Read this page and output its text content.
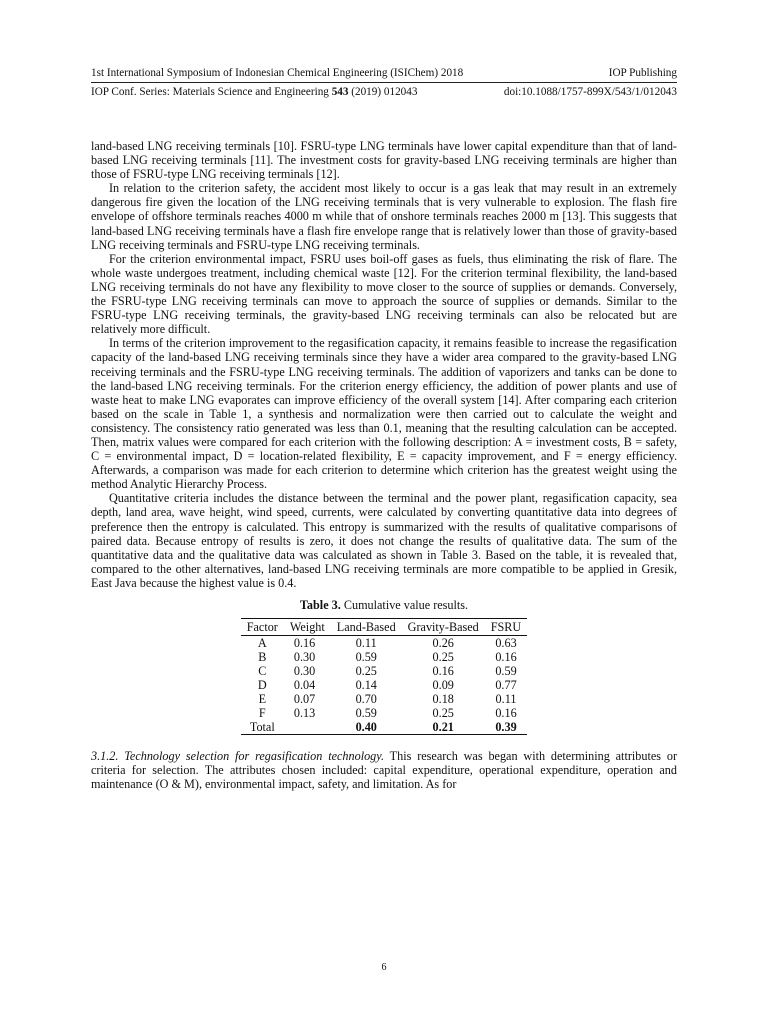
1st International Symposium of Indonesian Chemical Engineering (ISIChem) 2018	IOP Publishing
IOP Conf. Series: Materials Science and Engineering 543 (2019) 012043	doi:10.1088/1757-899X/543/1/012043

land-based LNG receiving terminals [10]. FSRU-type LNG terminals have lower capital expenditure than that of land-based LNG receiving terminals [11]. The investment costs for gravity-based LNG receiving terminals are higher than those of FSRU-type LNG receiving terminals [12].

In relation to the criterion safety, the accident most likely to occur is a gas leak that may result in an extremely dangerous fire given the location of the LNG receiving terminals that is very vulnerable to explosion. The flash fire envelope of offshore terminals reaches 4000 m while that of onshore terminals reaches 2000 m [13]. This suggests that land-based LNG receiving terminals have a flash fire envelope range that is relatively lower than those of gravity-based LNG receiving terminals and FSRU-type LNG receiving terminals.

For the criterion environmental impact, FSRU uses boil-off gases as fuels, thus eliminating the risk of flare. The whole waste undergoes treatment, including chemical waste [12]. For the criterion terminal flexibility, the land-based LNG receiving terminals do not have any flexibility to move closer to the source of supplies or demands. Conversely, the FSRU-type LNG receiving terminals can move to approach the source of supplies or demands. Similar to the FSRU-type LNG receiving terminals, the gravity-based LNG receiving terminals can also be relocated but are relatively more difficult.

In terms of the criterion improvement to the regasification capacity, it remains feasible to increase the regasification capacity of the land-based LNG receiving terminals since they have a wider area compared to the gravity-based LNG receiving terminals and the FSRU-type LNG receiving terminals. The addition of vaporizers and tanks can be done to the land-based LNG receiving terminals. For the criterion energy efficiency, the addition of power plants and use of waste heat to make LNG evaporates can improve efficiency of the overall system [14]. After comparing each criterion based on the scale in Table 1, a synthesis and normalization were then carried out to calculate the weight and consistency. The consistency ratio generated was less than 0.1, meaning that the resulting calculation can be accepted. Then, matrix values were compared for each criterion with the following description: A = investment costs, B = safety, C = environmental impact, D = location-related flexibility, E = capacity improvement, and F = energy efficiency. Afterwards, a comparison was made for each criterion to determine which criterion has the greatest weight using the method Analytic Hierarchy Process.

Quantitative criteria includes the distance between the terminal and the power plant, regasification capacity, sea depth, land area, wave height, wind speed, currents, were calculated by converting quantitative data into degrees of preference then the entropy is calculated. This entropy is summarized with the results of qualitative comparisons of paired data. Because entropy of results is zero, it does not change the results of qualitative data. The sum of the quantitative data and the qualitative data was calculated as shown in Table 3. Based on the table, it is revealed that, compared to the other alternatives, land-based LNG receiving terminals are more compatible to be applied in Gresik, East Java because the highest value is 0.4.

Table 3. Cumulative value results.
Factor	Weight	Land-Based	Gravity-Based	FSRU
A	0.16	0.11	0.26	0.63
B	0.30	0.59	0.25	0.16
C	0.30	0.25	0.16	0.59
D	0.04	0.14	0.09	0.77
E	0.07	0.70	0.18	0.11
F	0.13	0.59	0.25	0.16
Total		0.40	0.21	0.39

3.1.2. Technology selection for regasification technology. This research was began with determining attributes or criteria for selection. The attributes chosen included: capital expenditure, operational expenditure, operation and maintenance (O & M), environmental impact, safety, and limitation. As for

6
